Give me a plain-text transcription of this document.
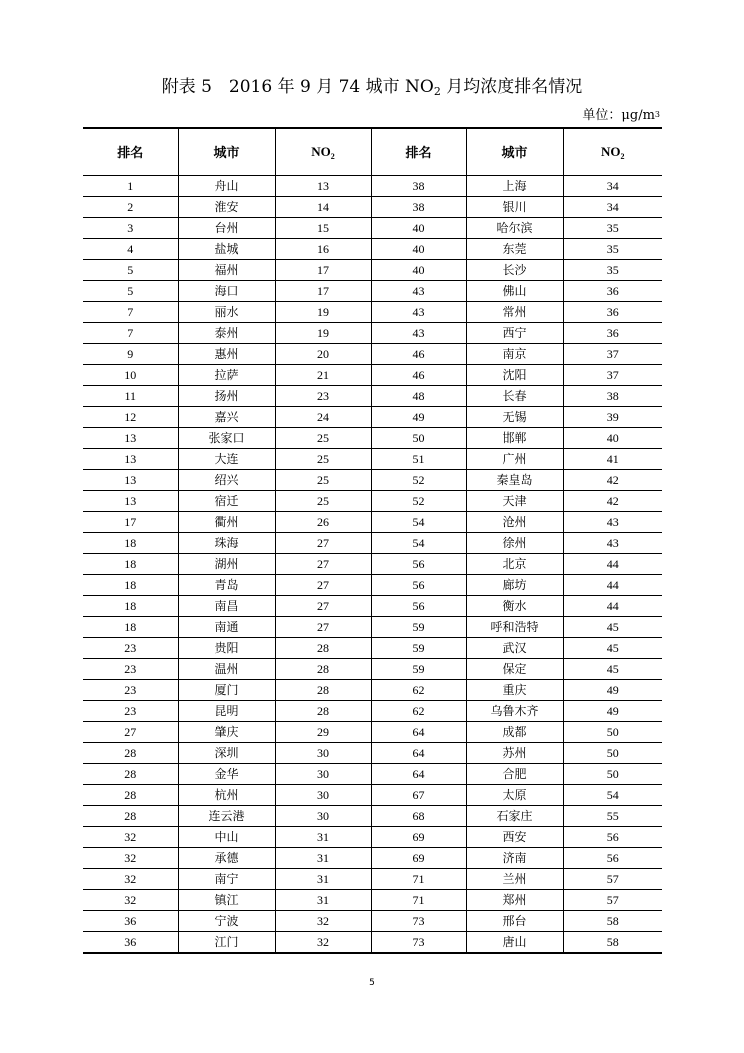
附表 5　2016 年 9 月 74 城市 NO2 月均浓度排名情况
单位：$\mu g/m^3$
排名	城市	$NO_2$	排名	城市	$NO_2$
1	舟山	13	38	上海	34
2	淮安	14	38	银川	34
3	台州	15	40	哈尔滨	35
4	盐城	16	40	东莞	35
5	福州	17	40	长沙	35
5	海口	17	43	佛山	36
7	丽水	19	43	常州	36
7	泰州	19	43	西宁	36
9	惠州	20	46	南京	37
10	拉萨	21	46	沈阳	37
11	扬州	23	48	长春	38
12	嘉兴	24	49	无锡	39
13	张家口	25	50	邯郸	40
13	大连	25	51	广州	41
13	绍兴	25	52	秦皇岛	42
13	宿迁	25	52	天津	42
17	衢州	26	54	沧州	43
18	珠海	27	54	徐州	43
18	湖州	27	56	北京	44
18	青岛	27	56	廊坊	44
18	南昌	27	56	衡水	44
18	南通	27	59	呼和浩特	45
23	贵阳	28	59	武汉	45
23	温州	28	59	保定	45
23	厦门	28	62	重庆	49
23	昆明	28	62	乌鲁木齐	49
27	肇庆	29	64	成都	50
28	深圳	30	64	苏州	50
28	金华	30	64	合肥	50
28	杭州	30	67	太原	54
28	连云港	30	68	石家庄	55
32	中山	31	69	西安	56
32	承德	31	69	济南	56
32	南宁	31	71	兰州	57
32	镇江	31	71	郑州	57
36	宁波	32	73	邢台	58
36	江门	32	73	唐山	58
5
